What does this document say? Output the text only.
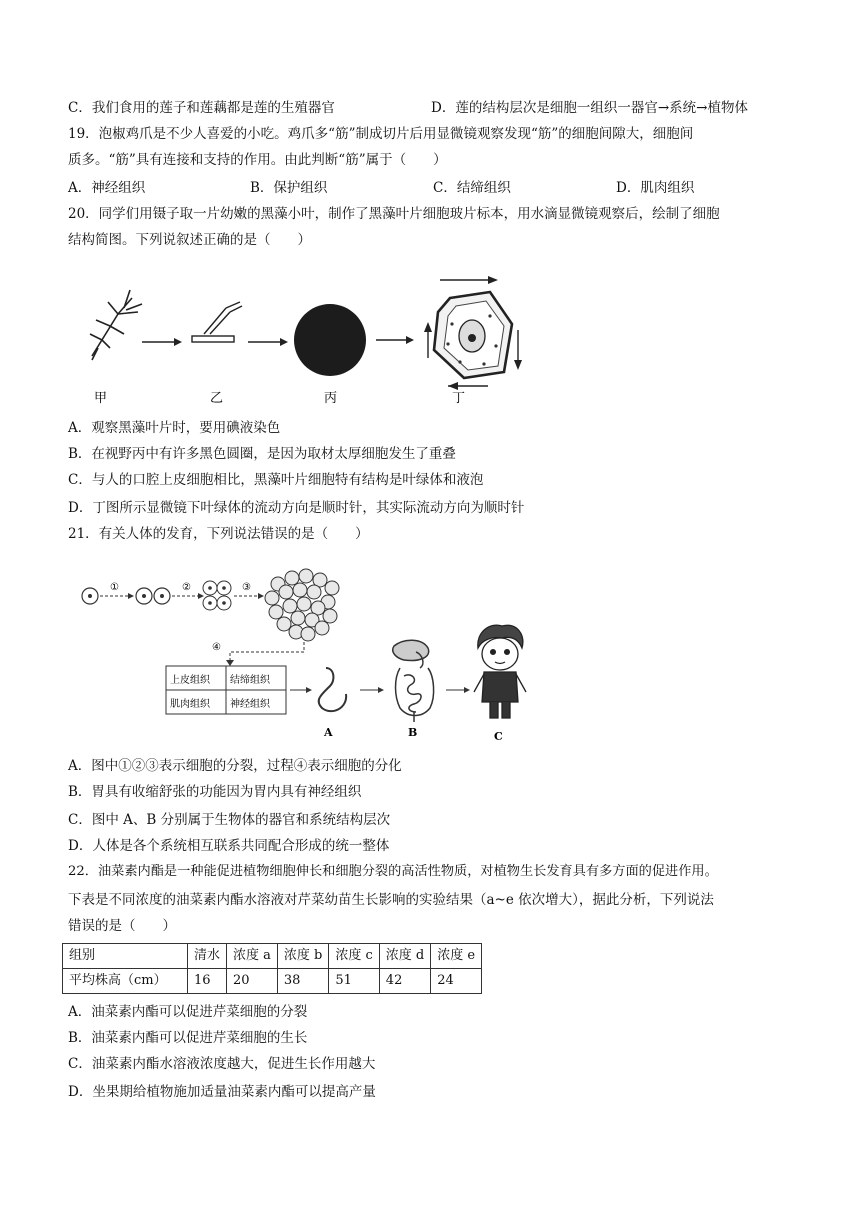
C．我们食用的莲子和莲藕都是莲的生殖器官	D．莲的结构层次是细胞一组织一器官→系统→植物体
19．泡椒鸡爪是不少人喜爱的小吃。鸡爪多“筋”制成切片后用显微镜观察发现“筋”的细胞间隙大，细胞间
质多。“筋”具有连接和支持的作用。由此判断“筋”属于（　　）
A．神经组织	B．保护组织	C．结缔组织	D．肌肉组织
20．同学们用镊子取一片幼嫩的黑藻小叶，制作了黑藻叶片细胞玻片标本，用水滴显微镜观察后，绘制了细胞
结构简图。下列说叙述正确的是（　　）
甲	乙	丙	丁
A．观察黑藻叶片时，要用碘液染色
B．在视野丙中有许多黑色圆圈，是因为取材太厚细胞发生了重叠
C．与人的口腔上皮细胞相比，黑藻叶片细胞特有结构是叶绿体和液泡
D．丁图所示显微镜下叶绿体的流动方向是顺时针，其实际流动方向为顺时针
21．有关人体的发育，下列说法错误的是（　　）
①	②	③
④
上皮组织 结缔组织
肌肉组织 神经组织
A	B	C
A．图中①②③表示细胞的分裂，过程④表示细胞的分化
B．胃具有收缩舒张的功能因为胃内具有神经组织
C．图中 A、B 分别属于生物体的器官和系统结构层次
D．人体是各个系统相互联系共同配合形成的统一整体
22．油菜素内酯是一种能促进植物细胞伸长和细胞分裂的高活性物质，对植物生长发育具有多方面的促进作用。
下表是不同浓度的油菜素内酯水溶液对芹菜幼苗生长影响的实验结果（a~e 依次增大），据此分析，下列说法
错误的是（　　）
组别	清水	浓度 a	浓度 b	浓度 c	浓度 d	浓度 e
平均株高（cm）	16	20	38	51	42	24
A．油菜素内酯可以促进芹菜细胞的分裂
B．油菜素内酯可以促进芹菜细胞的生长
C．油菜素内酯水溶液浓度越大，促进生长作用越大
D．坐果期给植物施加适量油菜素内酯可以提高产量
